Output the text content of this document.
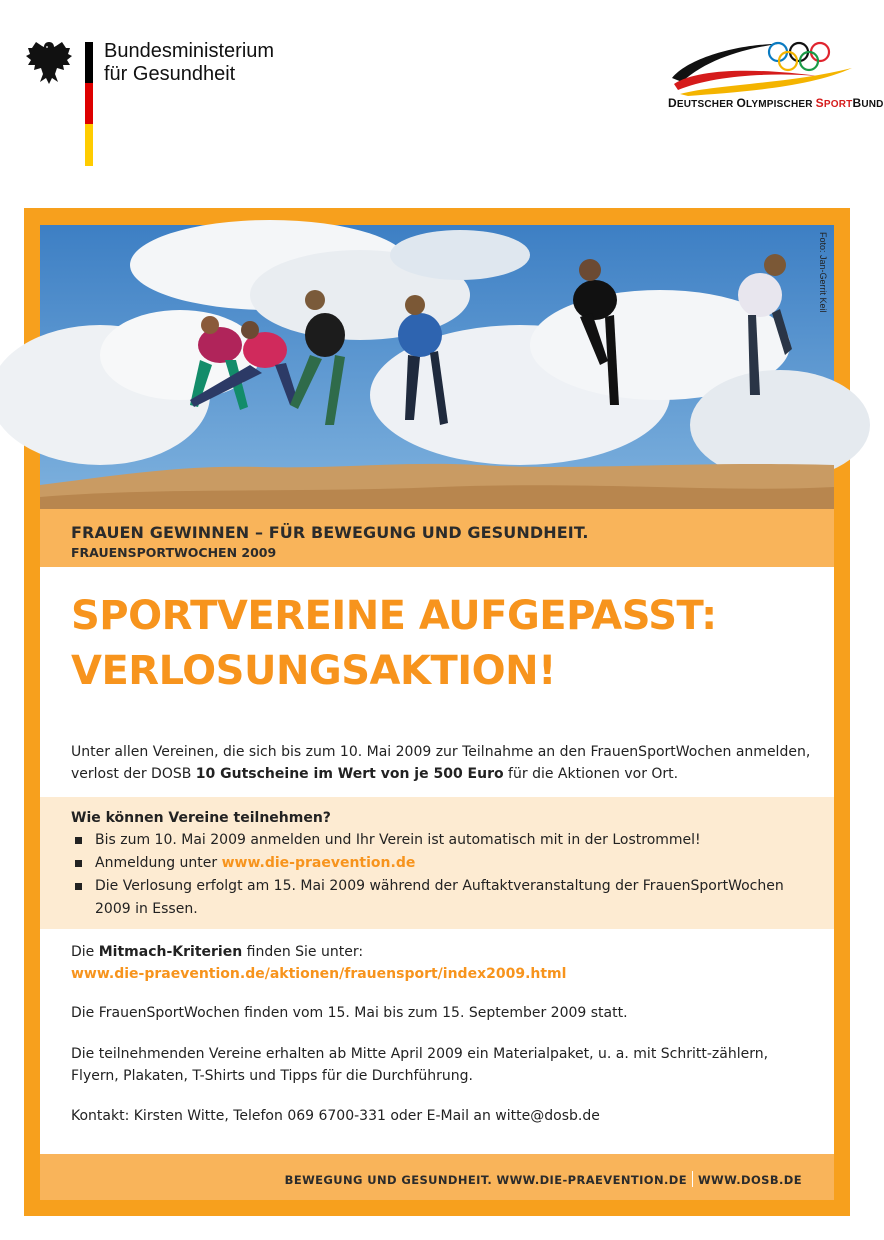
Bundesministerium
für Gesundheit
DEUTSCHER OLYMPISCHER SPORTBUND
Foto: Jan-Gerrit Keil
FRAUEN GEWINNEN – FÜR BEWEGUNG UND GESUNDHEIT.
FRAUENSPORTWOCHEN 2009
SPORTVEREINE AUFGEPASST:
VERLOSUNGSAKTION!
Unter allen Vereinen, die sich bis zum 10. Mai 2009 zur Teilnahme an den FrauenSportWochen anmelden, verlost der DOSB 10 Gutscheine im Wert von je 500 Euro für die Aktionen vor Ort.
Wie können Vereine teilnehmen?
Bis zum 10. Mai 2009 anmelden und Ihr Verein ist automatisch mit in der Lostrommel!
Anmeldung unter www.die-praevention.de
Die Verlosung erfolgt am 15. Mai 2009 während der Auftaktveranstaltung der FrauenSportWochen 2009 in Essen.
Die Mitmach-Kriterien finden Sie unter:
www.die-praevention.de/aktionen/frauensport/index2009.html
Die FrauenSportWochen finden vom 15. Mai bis zum 15. September 2009 statt.
Die teilnehmenden Vereine erhalten ab Mitte April 2009 ein Materialpaket, u. a. mit Schritt-zählern, Flyern, Plakaten, T-Shirts und Tipps für die Durchführung.
Kontakt: Kirsten Witte, Telefon 069 6700-331 oder E-Mail an witte@dosb.de
BEWEGUNG UND GESUNDHEIT. WWW.DIE-PRAEVENTION.DE WWW.DOSB.DE
